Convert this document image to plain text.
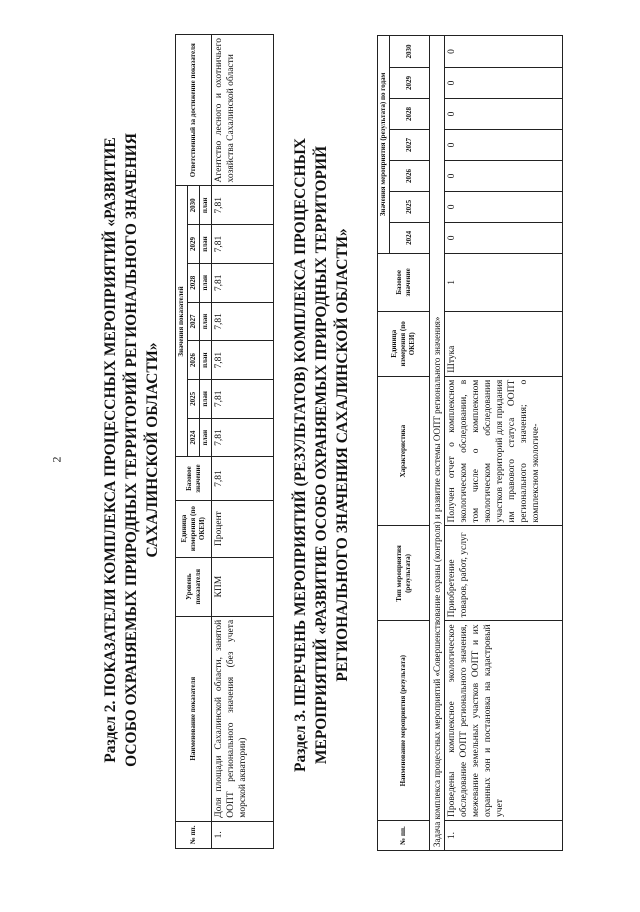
2 Раздел 2. ПОКАЗАТЕЛИ КОМПЛЕКСА ПРОЦЕССНЫХ МЕРОПРИЯТИЙ «РАЗВИТИЕ ОСОБО ОХРАНЯЕМЫХ ПРИРОДНЫХ ТЕРРИТОРИЙ РЕГИОНАЛЬНОГО ЗНАЧЕНИЯ САХАЛИНСКОЙ ОБЛАСТИ»
№ пп.	Наименование показателя	Уровень показателя	Единица измерения (по ОКЕИ)	Базовое значение	Значения показателей							Ответственный за достижение показателя
					2024	2025	2026	2027	2028	2029	2030	
					план	план	план	план	план	план	план	
1.	Доля площади Сахалинской области, занятой ООПТ регионального значения (без учета морской акватории)	КПМ	Процент	7,81	7,81	7,81	7,81	7,81	7,81	7,81	7,81	Агентство лесного и охотничьего хозяйства Сахалинской области
Раздел 3. ПЕРЕЧЕНЬ МЕРОПРИЯТИЙ (РЕЗУЛЬТАТОВ) КОМПЛЕКСА ПРОЦЕССНЫХ МЕРОПРИЯТИЙ «РАЗВИТИЕ ОСОБО ОХРАНЯЕМЫХ ПРИРОДНЫХ ТЕРРИТОРИЙ РЕГИОНАЛЬНОГО ЗНАЧЕНИЯ САХАЛИНСКОЙ ОБЛАСТИ»
№ пп.	Наименование мероприятия (результата)	Тип мероприятия (результата)	Характеристика	Единица измерения (по ОКЕИ)	Базовое значение	Значения мероприятия (результата) по годам						
						2024	2025	2026	2027	2028	2029	2030
Задача комплекса процессных мероприятий «Совершенствование охраны (контроля) и развитие системы ООПТ регионального значения»												
1.	Проведены комплексное экологическое обследование ООПТ регионального значения, межевание земельных участков ООПТ и их охранных зон и постановка на кадастровый учет	Приобретение товаров, работ, услуг	Получен отчет о комплексном экологическом обследовании, в том числе о комплексном экологическом обследовании участков территорий для придания им правового статуса ООПТ регионального значения; о комплексном экологиче-	Штука	1	0	0	0	0	0	0	0
